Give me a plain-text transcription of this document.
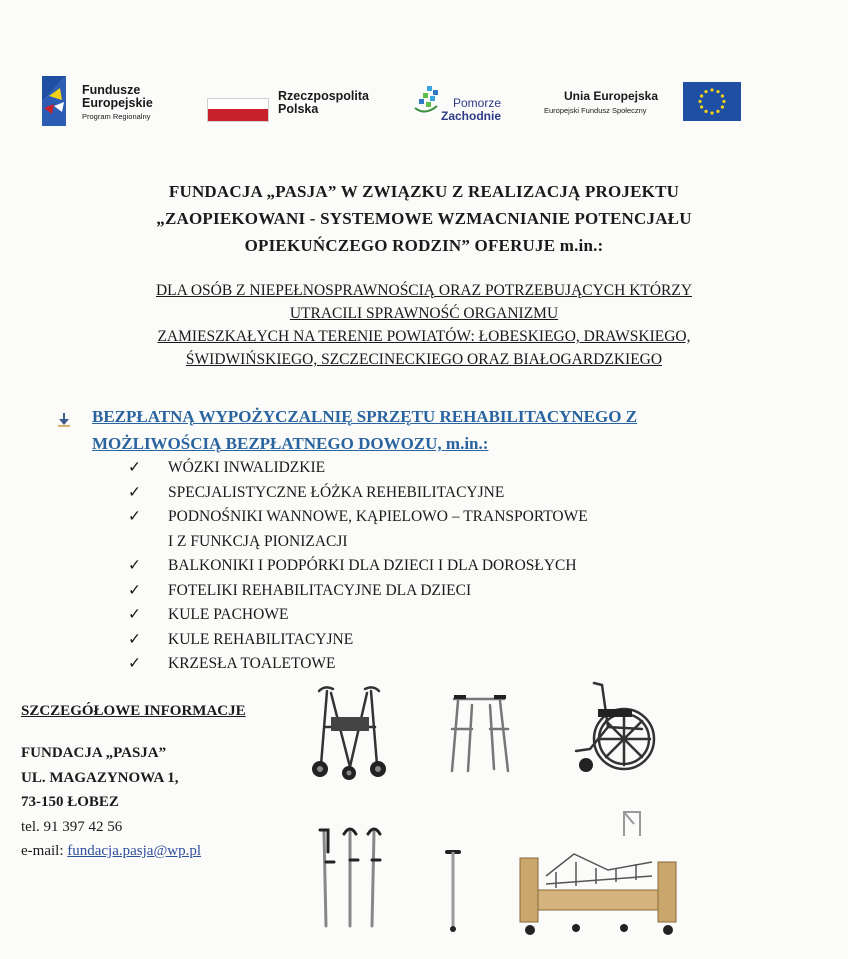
Fundusze
Europejskie
Program Regionalny
Rzeczpospolita
Polska	Pomorze
Zachodnie
Unia Europejska
Europejski Fundusz Społeczny
FUNDACJA „PASJA” W ZWIĄZKU Z REALIZACJĄ PROJEKTU
„ZAOPIEKOWANI - SYSTEMOWE WZMACNIANIE POTENCJAŁU
OPIEKUŃCZEGO RODZIN” OFERUJE m.in.:
DLA OSÓB Z NIEPEŁNOSPRAWNOŚCIĄ ORAZ POTRZEBUJĄCYCH KTÓRZY
UTRACILI SPRAWNOŚĆ ORGANIZMU
ZAMIESZKAŁYCH NA TERENIE POWIATÓW: ŁOBESKIEGO, DRAWSKIEGO,
ŚWIDWIŃSKIEGO, SZCZECINECKIEGO ORAZ BIAŁOGARDZKIEGO
BEZPŁATNĄ WYPOŻYCZALNIĘ SPRZĘTU REHABILITACYNEGO Z
MOŻLIWOŚCIĄ BEZPŁATNEGO DOWOZU, m.in.:
✓	WÓZKI INWALIDZKIE
✓	SPECJALISTYCZNE ŁÓŻKA REHEBILITACYJNE
✓	PODNOŚNIKI WANNOWE, KĄPIELOWO – TRANSPORTOWE
I Z FUNKCJĄ PIONIZACJI
✓	BALKONIKI I PODPÓRKI DLA DZIECI I DLA DOROSŁYCH
✓	FOTELIKI REHABILITACYJNE DLA DZIECI
✓	KULE PACHOWE
✓	KULE REHABILITACYJNE
✓	KRZESŁA TOALETOWE
SZCZEGÓŁOWE INFORMACJE
FUNDACJA „PASJA”
UL. MAGAZYNOWA 1,
73-150 ŁOBEZ
tel. 91 397 42 56
e-mail: fundacja.pasja@wp.pl
